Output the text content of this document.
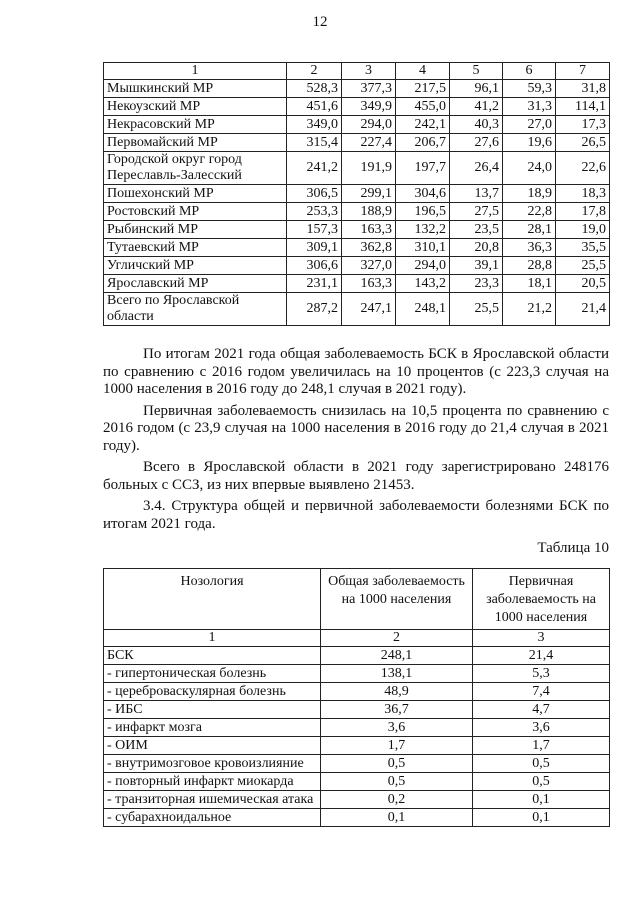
12
1	2	3	4	5	6	7
Мышкинский МР	528,3	377,3	217,5	96,1	59,3	31,8
Некоузский МР	451,6	349,9	455,0	41,2	31,3	114,1
Некрасовский МР	349,0	294,0	242,1	40,3	27,0	17,3
Первомайский МР	315,4	227,4	206,7	27,6	19,6	26,5
Городской округ город Переславль-Залесский	241,2	191,9	197,7	26,4	24,0	22,6
Пошехонский МР	306,5	299,1	304,6	13,7	18,9	18,3
Ростовский МР	253,3	188,9	196,5	27,5	22,8	17,8
Рыбинский МР	157,3	163,3	132,2	23,5	28,1	19,0
Тутаевский МР	309,1	362,8	310,1	20,8	36,3	35,5
Угличский МР	306,6	327,0	294,0	39,1	28,8	25,5
Ярославский МР	231,1	163,3	143,2	23,3	18,1	20,5
Всего по Ярославской области	287,2	247,1	248,1	25,5	21,2	21,4

По итогам 2021 года общая заболеваемость БСК в Ярославской области по сравнению с 2016 годом увеличилась на 10 процентов (с 223,3 случая на 1000 населения в 2016 году до 248,1 случая в 2021 году).

Первичная заболеваемость снизилась на 10,5 процента по сравнению с 2016 годом (с 23,9 случая на 1000 населения в 2016 году до 21,4 случая в 2021 году).

Всего в Ярославской области в 2021 году зарегистрировано 248176 больных с ССЗ, из них впервые выявлено 21453.

3.4. Структура общей и первичной заболеваемости болезнями БСК по итогам 2021 года.

Таблица 10
Нозология	Общая заболеваемость на 1000 населения	Первичная заболеваемость на 1000 населения
1	2	3
БСК	248,1	21,4
- гипертоническая болезнь	138,1	5,3
- цереброваскулярная болезнь	48,9	7,4
- ИБС	36,7	4,7
- инфаркт мозга	3,6	3,6
- ОИМ	1,7	1,7
- внутримозговое кровоизлияние	0,5	0,5
- повторный инфаркт миокарда	0,5	0,5
- транзиторная ишемическая атака	0,2	0,1
- субарахноидальное	0,1	0,1
